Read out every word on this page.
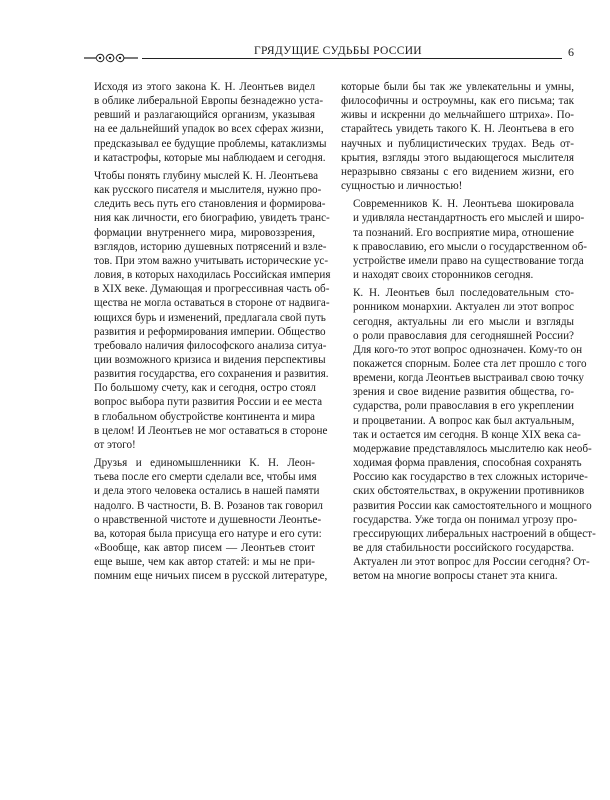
ГРЯДУЩИЕ СУДЬБЫ РОССИИ	6

Исходя из этого закона К. Н. Леонтьев видел
в облике либеральной Европы безнадежно уста-
ревший и разлагающийся организм, указывая
на ее дальнейший упадок во всех сферах жизни,
предсказывал ее будущие проблемы, катаклизмы
и катастрофы, которые мы наблюдаем и сегодня.

Чтобы понять глубину мыслей К. Н. Леонтьева
как русского писателя и мыслителя, нужно про-
следить весь путь его становления и формирова-
ния как личности, его биографию, увидеть транс-
формации внутреннего мира, мировоззрения,
взглядов, историю душевных потрясений и взле-
тов. При этом важно учитывать исторические ус-
ловия, в которых находилась Российская империя
в XIX веке. Думающая и прогрессивная часть об-
щества не могла оставаться в стороне от надвига-
ющихся бурь и изменений, предлагала свой путь
развития и реформирования империи. Общество
требовало наличия философского анализа ситуа-
ции возможного кризиса и видения перспективы
развития государства, его сохранения и развития.
По большому счету, как и сегодня, остро стоял
вопрос выбора пути развития России и ее места
в глобальном обустройстве континента и мира
в целом! И Леонтьев не мог оставаться в стороне
от этого!

Друзья и единомышленники К. Н. Леон-
тьева после его смерти сделали все, чтобы имя
и дела этого человека остались в нашей памяти
надолго. В частности, В. В. Розанов так говорил
о нравственной чистоте и душевности Леонтье-
ва, которая была присуща его натуре и его сути:
«Вообще, как автор писем — Леонтьев стоит
еще выше, чем как автор статей: и мы не при-
помним еще ничьих писем в русской литературе,

которые были бы так же увлекательны и умны,
философичны и остроумны, как его письма; так
живы и искренни до мельчайшего штриха». По-
старайтесь увидеть такого К. Н. Леонтьева в его
научных и публицистических трудах. Ведь от-
крытия, взгляды этого выдающегося мыслителя
неразрывно связаны с его видением жизни, его
сущностью и личностью!

Современников К. Н. Леонтьева шокировала
и удивляла нестандартность его мыслей и широ-
та познаний. Его восприятие мира, отношение
к православию, его мысли о государственном об-
устройстве имели право на существование тогда
и находят своих сторонников сегодня.

К. Н. Леонтьев был последовательным сто-
ронником монархии. Актуален ли этот вопрос
сегодня, актуальны ли его мысли и взгляды
о роли православия для сегодняшней России?
Для кого-то этот вопрос однозначен. Кому-то он
покажется спорным. Более ста лет прошло с того
времени, когда Леонтьев выстраивал свою точку
зрения и свое видение развития общества, го-
сударства, роли православия в его укреплении
и процветании. А вопрос как был актуальным,
так и остается им сегодня. В конце XIX века са-
модержавие представлялось мыслителю как необ-
ходимая форма правления, способная сохранять
Россию как государство в тех сложных историче-
ских обстоятельствах, в окружении противников
развития России как самостоятельного и мощного
государства. Уже тогда он понимал угрозу про-
грессирующих либеральных настроений в общест-
ве для стабильности российского государства.
Актуален ли этот вопрос для России сегодня? От-
ветом на многие вопросы станет эта книга.
